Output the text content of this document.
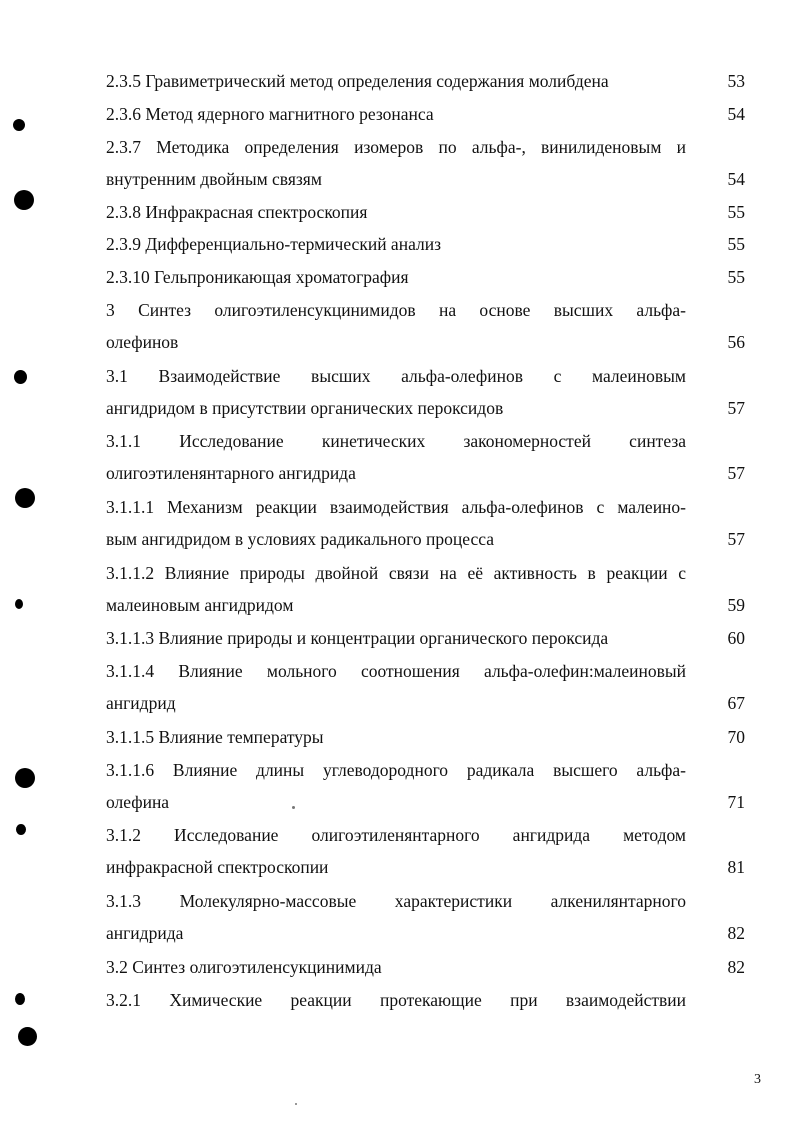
2.3.5 Гравиметрический метод определения содержания молибдена	53
2.3.6 Метод ядерного магнитного резонанса	54
2.3.7 Методика определения изомеров по альфа-, винилиденовым и
внутренним двойным связям	54
2.3.8 Инфракрасная спектроскопия	55
2.3.9 Дифференциально-термический анализ	55
2.3.10 Гельпроникающая хроматография	55
3 Синтез олигоэтиленсукцинимидов на основе высших альфа-
олефинов	56
3.1 Взаимодействие высших альфа-олефинов с малеиновым
ангидридом в присутствии органических пероксидов	57
3.1.1 Исследование кинетических закономерностей синтеза
олигоэтиленянтарного ангидрида	57
3.1.1.1 Механизм реакции взаимодействия альфа-олефинов с малеино-
вым ангидридом в условиях радикального процесса	57
3.1.1.2 Влияние природы двойной связи на её активность в реакции с
малеиновым ангидридом	59
3.1.1.3 Влияние природы и концентрации органического пероксида	60
3.1.1.4 Влияние мольного соотношения альфа-олефин:малеиновый
ангидрид	67
3.1.1.5 Влияние температуры	70
3.1.1.6 Влияние длины углеводородного радикала высшего альфа-
олефина	71
3.1.2 Исследование олигоэтиленянтарного ангидрида методом
инфракрасной спектроскопии	81
3.1.3 Молекулярно-массовые характеристики алкенилянтарного
ангидрида	82
3.2 Синтез олигоэтиленсукцинимида	82
3.2.1 Химические реакции протекающие при взаимодействии
3
